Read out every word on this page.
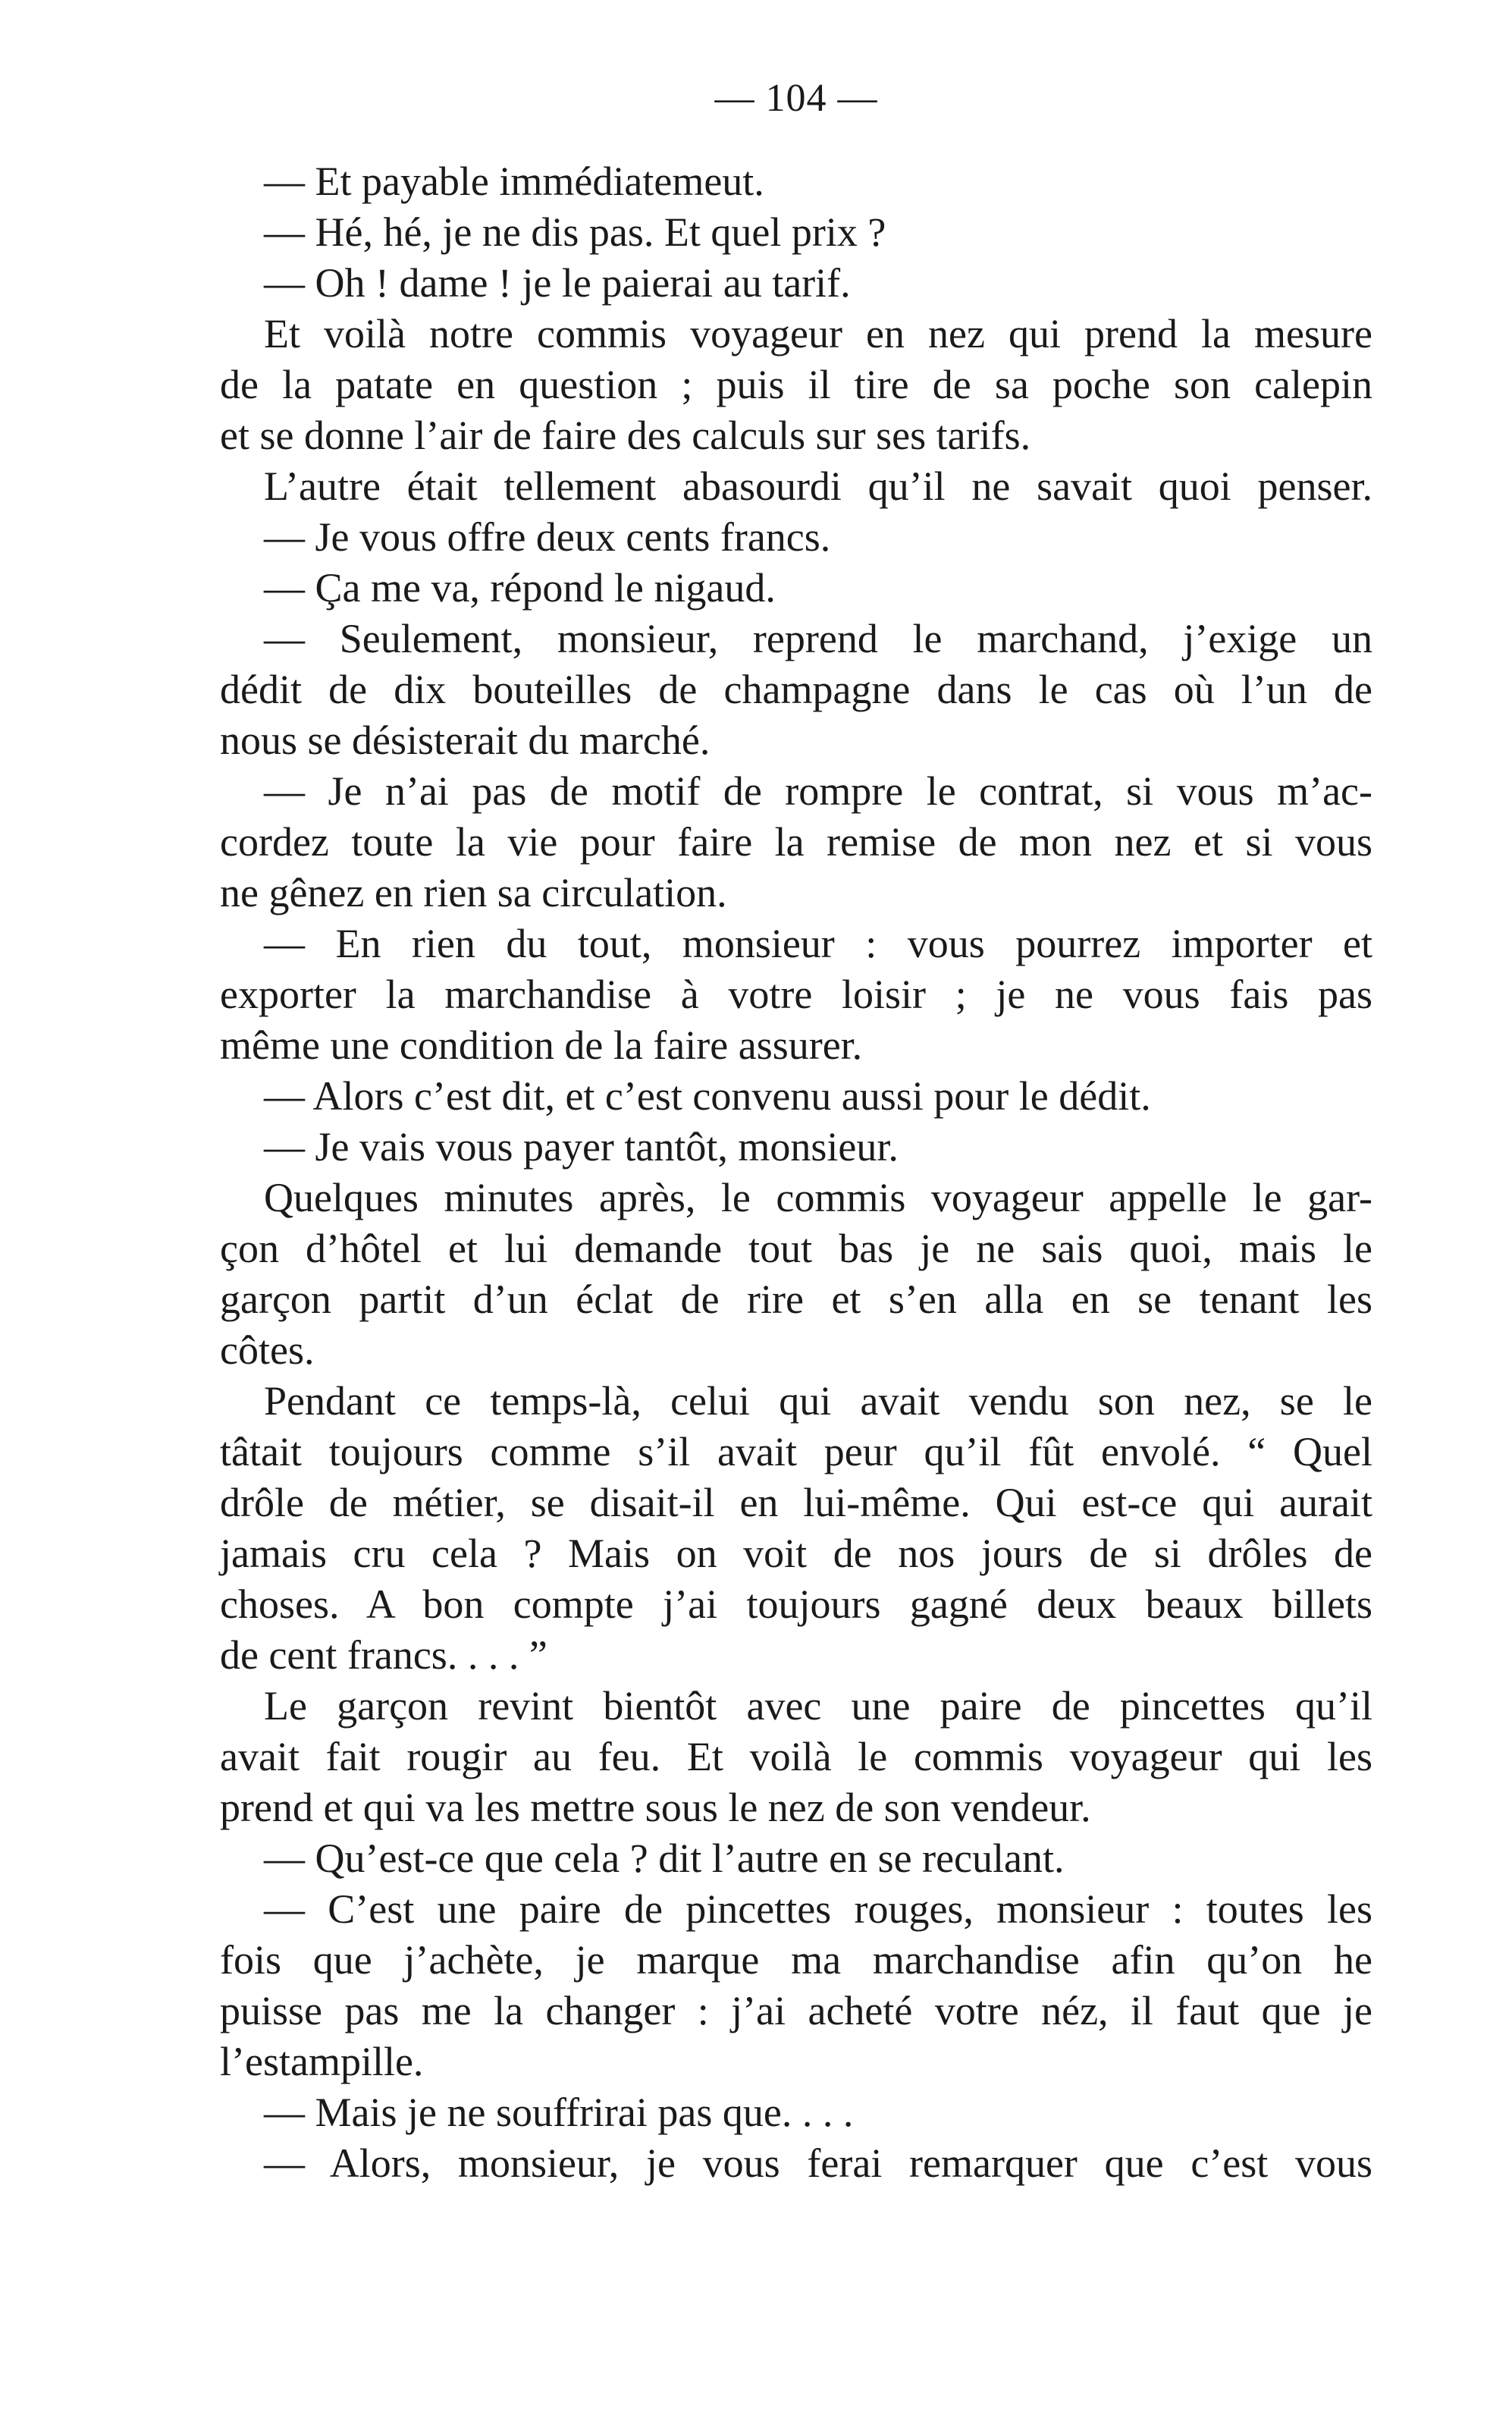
— 104 —
— Et payable immédiatemeut.
— Hé, hé, je ne dis pas. Et quel prix ?
— Oh ! dame ! je le paierai au tarif.
Et voilà notre commis voyageur en nez qui prend la mesure
de la patate en question ; puis il tire de sa poche son calepin
et se donne l’air de faire des calculs sur ses tarifs.
L’autre était tellement abasourdi qu’il ne savait quoi penser.
— Je vous offre deux cents francs.
— Ça me va, répond le nigaud.
— Seulement, monsieur, reprend le marchand, j’exige un
dédit de dix bouteilles de champagne dans le cas où l’un de
nous se désisterait du marché.
— Je n’ai pas de motif de rompre le contrat, si vous m’ac-
cordez toute la vie pour faire la remise de mon nez et si vous
ne gênez en rien sa circulation.
— En rien du tout, monsieur : vous pourrez importer et
exporter la marchandise à votre loisir ; je ne vous fais pas
même une condition de la faire assurer.
— Alors c’est dit, et c’est convenu aussi pour le dédit.
— Je vais vous payer tantôt, monsieur.
Quelques minutes après, le commis voyageur appelle le gar-
çon d’hôtel et lui demande tout bas je ne sais quoi, mais le
garçon partit d’un éclat de rire et s’en alla en se tenant les
côtes.
Pendant ce temps-là, celui qui avait vendu son nez, se le
tâtait toujours comme s’il avait peur qu’il fût envolé. “ Quel
drôle de métier, se disait-il en lui-même. Qui est-ce qui aurait
jamais cru cela ? Mais on voit de nos jours de si drôles de
choses. A bon compte j’ai toujours gagné deux beaux billets
de cent francs. . . . ”
Le garçon revint bientôt avec une paire de pincettes qu’il
avait fait rougir au feu. Et voilà le commis voyageur qui les
prend et qui va les mettre sous le nez de son vendeur.
— Qu’est-ce que cela ? dit l’autre en se reculant.
— C’est une paire de pincettes rouges, monsieur : toutes les
fois que j’achète, je marque ma marchandise afin qu’on he
puisse pas me la changer : j’ai acheté votre néz, il faut que je
l’estampille.
— Mais je ne souffrirai pas que. . . .
— Alors, monsieur, je vous ferai remarquer que c’est vous
